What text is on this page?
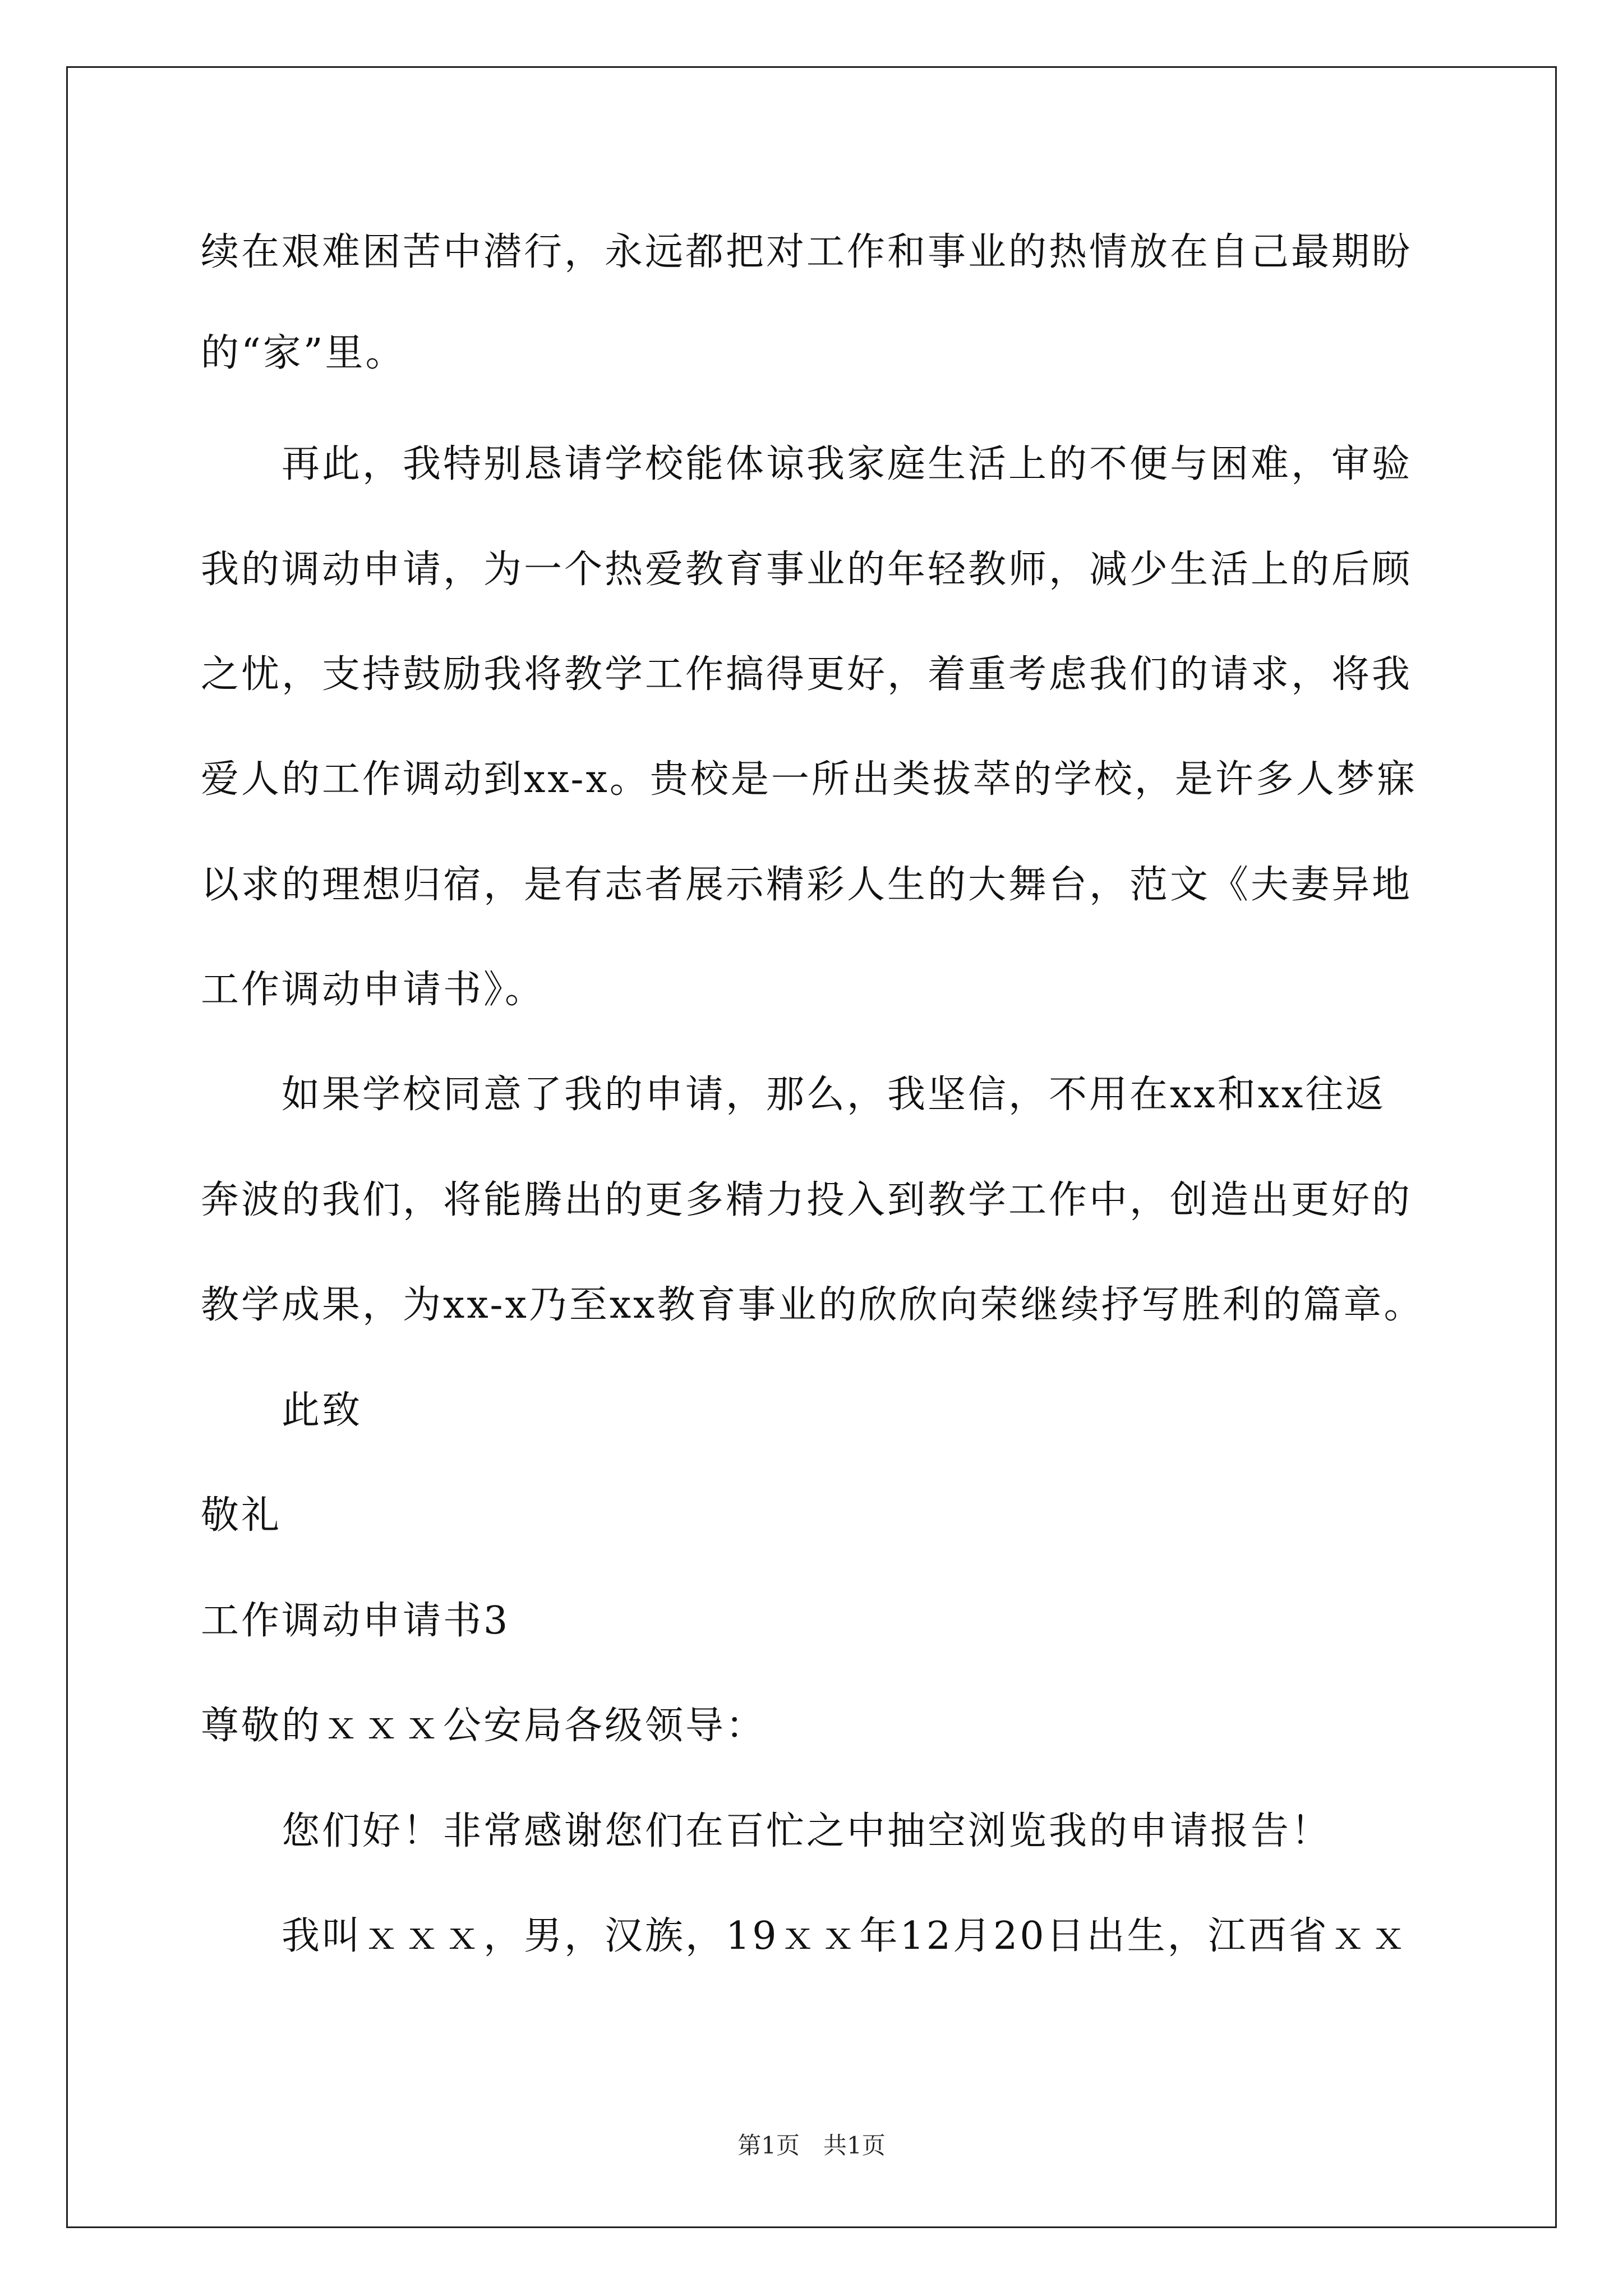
续在艰难困苦中潜行，永远都把对工作和事业的热情放在自己最期盼
的“家”里。
再此，我特别恳请学校能体谅我家庭生活上的不便与困难，审验
我的调动申请，为一个热爱教育事业的年轻教师，减少生活上的后顾
之忧，支持鼓励我将教学工作搞得更好，着重考虑我们的请求，将我
爱人的工作调动到xx-x。贵校是一所出类拔萃的学校，是许多人梦寐
以求的理想归宿，是有志者展示精彩人生的大舞台，范文《夫妻异地
工作调动申请书》。
如果学校同意了我的申请，那么，我坚信，不用在xx和xx往返
奔波的我们，将能腾出的更多精力投入到教学工作中，创造出更好的
教学成果，为xx-x乃至xx教育事业的欣欣向荣继续抒写胜利的篇章。
此致
敬礼
工作调动申请书3
尊敬的ｘｘｘ公安局各级领导：
您们好！非常感谢您们在百忙之中抽空浏览我的申请报告！
我叫ｘｘｘ，男，汉族，19ｘｘ年12月20日出生，江西省ｘｘ
第1页　共1页
